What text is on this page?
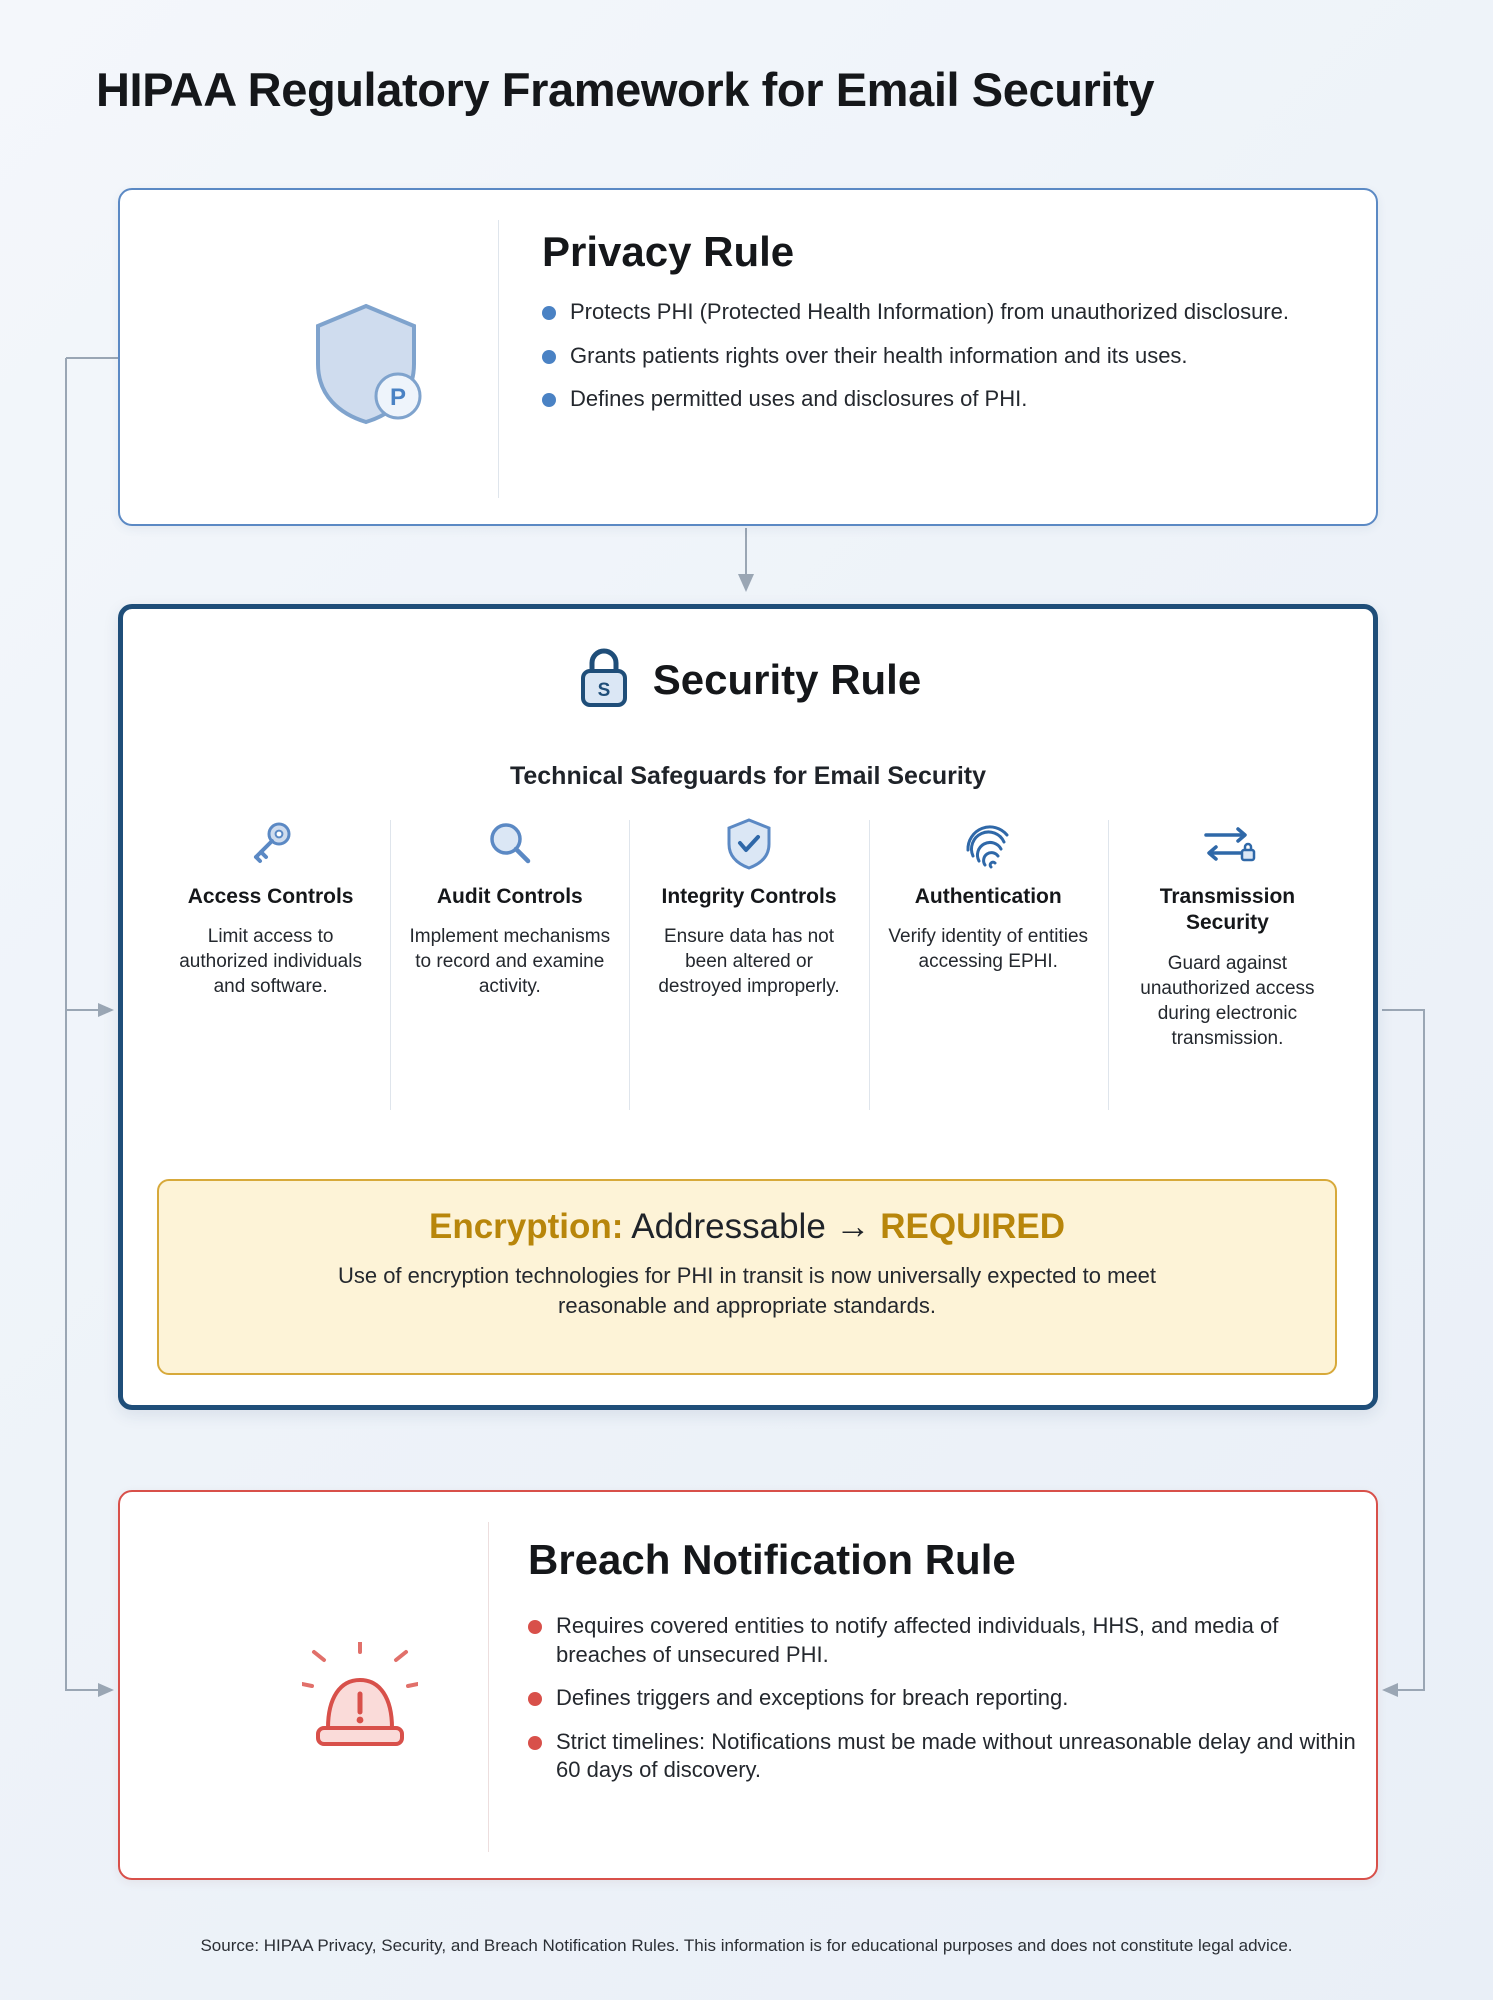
HIPAA Regulatory Framework for Email Security
P
Privacy Rule
Protects PHI (Protected Health Information) from unauthorized disclosure.
Grants patients rights over their health information and its uses.
Defines permitted uses and disclosures of PHI.
S Security Rule
Technical Safeguards for Email Security
Access Controls
Limit access to authorized individuals and software.
Audit Controls
Implement mechanisms to record and examine activity.
Integrity Controls
Ensure data has not been altered or destroyed improperly.
Authentication
Verify identity of entities accessing EPHI.
Transmission Security
Guard against unauthorized access during electronic transmission.
Encryption: Addressable → REQUIRED
Use of encryption technologies for PHI in transit is now universally expected to meet reasonable and appropriate standards.
Breach Notification Rule
Requires covered entities to notify affected individuals, HHS, and media of breaches of unsecured PHI.
Defines triggers and exceptions for breach reporting.
Strict timelines: Notifications must be made without unreasonable delay and within 60 days of discovery.
Source: HIPAA Privacy, Security, and Breach Notification Rules. This information is for educational purposes and does not constitute legal advice.
